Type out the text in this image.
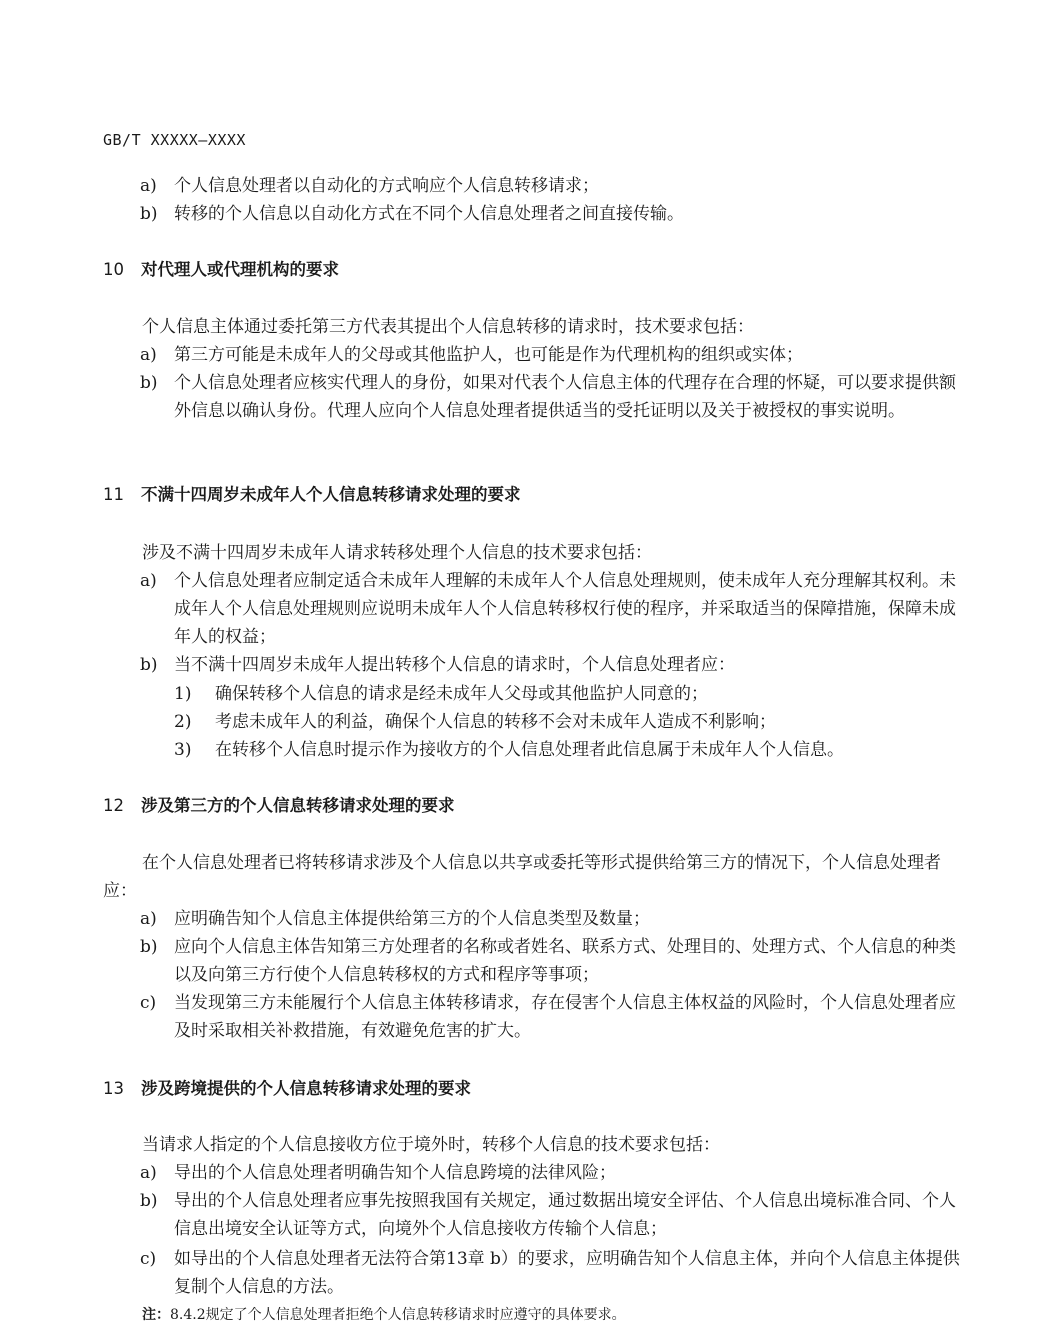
GB/T XXXXX—XXXX
a) 个人信息处理者以自动化的方式响应个人信息转移请求；
b) 转移的个人信息以自动化方式在不同个人信息处理者之间直接传输。
10 对代理人或代理机构的要求
个人信息主体通过委托第三方代表其提出个人信息转移的请求时，技术要求包括：
a) 第三方可能是未成年人的父母或其他监护人，也可能是作为代理机构的组织或实体；
b) 个人信息处理者应核实代理人的身份，如果对代表个人信息主体的代理存在合理的怀疑，可以要求提供额外信息以确认身份。代理人应向个人信息处理者提供适当的受托证明以及关于被授权的事实说明。
11 不满十四周岁未成年人个人信息转移请求处理的要求
涉及不满十四周岁未成年人请求转移处理个人信息的技术要求包括：
a) 个人信息处理者应制定适合未成年人理解的未成年人个人信息处理规则，使未成年人充分理解其权利。未成年人个人信息处理规则应说明未成年人个人信息转移权行使的程序，并采取适当的保障措施，保障未成年人的权益；
b) 当不满十四周岁未成年人提出转移个人信息的请求时，个人信息处理者应：
1) 确保转移个人信息的请求是经未成年人父母或其他监护人同意的；
2) 考虑未成年人的利益，确保个人信息的转移不会对未成年人造成不利影响；
3) 在转移个人信息时提示作为接收方的个人信息处理者此信息属于未成年人个人信息。
12 涉及第三方的个人信息转移请求处理的要求
在个人信息处理者已将转移请求涉及个人信息以共享或委托等形式提供给第三方的情况下，个人信息处理者应：
a) 应明确告知个人信息主体提供给第三方的个人信息类型及数量；
b) 应向个人信息主体告知第三方处理者的名称或者姓名、联系方式、处理目的、处理方式、个人信息的种类以及向第三方行使个人信息转移权的方式和程序等事项；
c) 当发现第三方未能履行个人信息主体转移请求，存在侵害个人信息主体权益的风险时，个人信息处理者应及时采取相关补救措施，有效避免危害的扩大。
13 涉及跨境提供的个人信息转移请求处理的要求
当请求人指定的个人信息接收方位于境外时，转移个人信息的技术要求包括：
a) 导出的个人信息处理者明确告知个人信息跨境的法律风险；
b) 导出的个人信息处理者应事先按照我国有关规定，通过数据出境安全评估、个人信息出境标准合同、个人信息出境安全认证等方式，向境外个人信息接收方传输个人信息；
c) 如导出的个人信息处理者无法符合第13章 b）的要求，应明确告知个人信息主体，并向个人信息主体提供复制个人信息的方法。
注：8.4.2规定了个人信息处理者拒绝个人信息转移请求时应遵守的具体要求。
